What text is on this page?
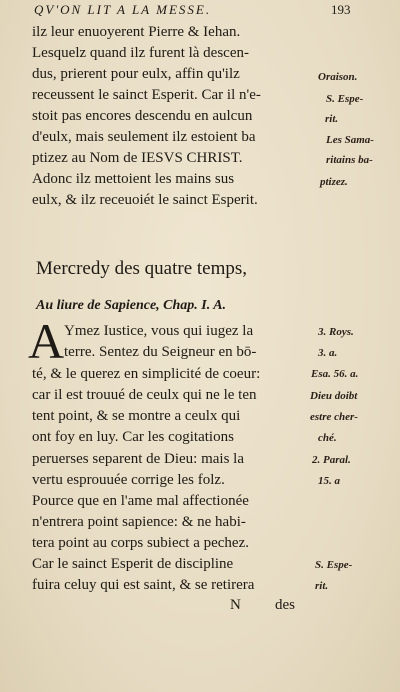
QV'ON LIT A LA MESSE.	193
ilz leur enuoyerent Pierre & Iehan.
Lesquelz quand ilz furent là descen-
dus, prierent pour eulx, affin qu'ilz
receussent le sainct Esperit. Car il n'e-
stoit pas encores descendu en aulcun
d'eulx, mais seulement ilz estoient ba
ptizez au Nom de IESVS CHRIST.
Adonc ilz mettoient les mains sus
eulx, & ilz receuoiét le sainct Esperit.
Oraison.
S. Espe-
rit.
Les Sama-
ritains ba-
ptizez.
Mercredy des quatre temps,
Au liure de Sapience, Chap. I. A.
A Ymez Iustice, vous qui iugez la
terre. Sentez du Seigneur en bō-
té, & le querez en simplicité de coeur:
car il est trouué de ceulx qui ne le ten
tent point, & se montre a ceulx qui
ont foy en luy. Car les cogitations
peruerses separent de Dieu: mais la
vertu esprouuée corrige les folz.
Pource que en l'ame mal affectionée
n'entrera point sapience: & ne habi-
tera point au corps subiect a pechez.
Car le sainct Esperit de discipline
fuira celuy qui est saint, & se retirera
3. Roys.
3. a.
Esa. 56. a.
Dieu doibt
estre cher-
ché.
2. Paral.
15. a
S. Espe-
rit.
N des
